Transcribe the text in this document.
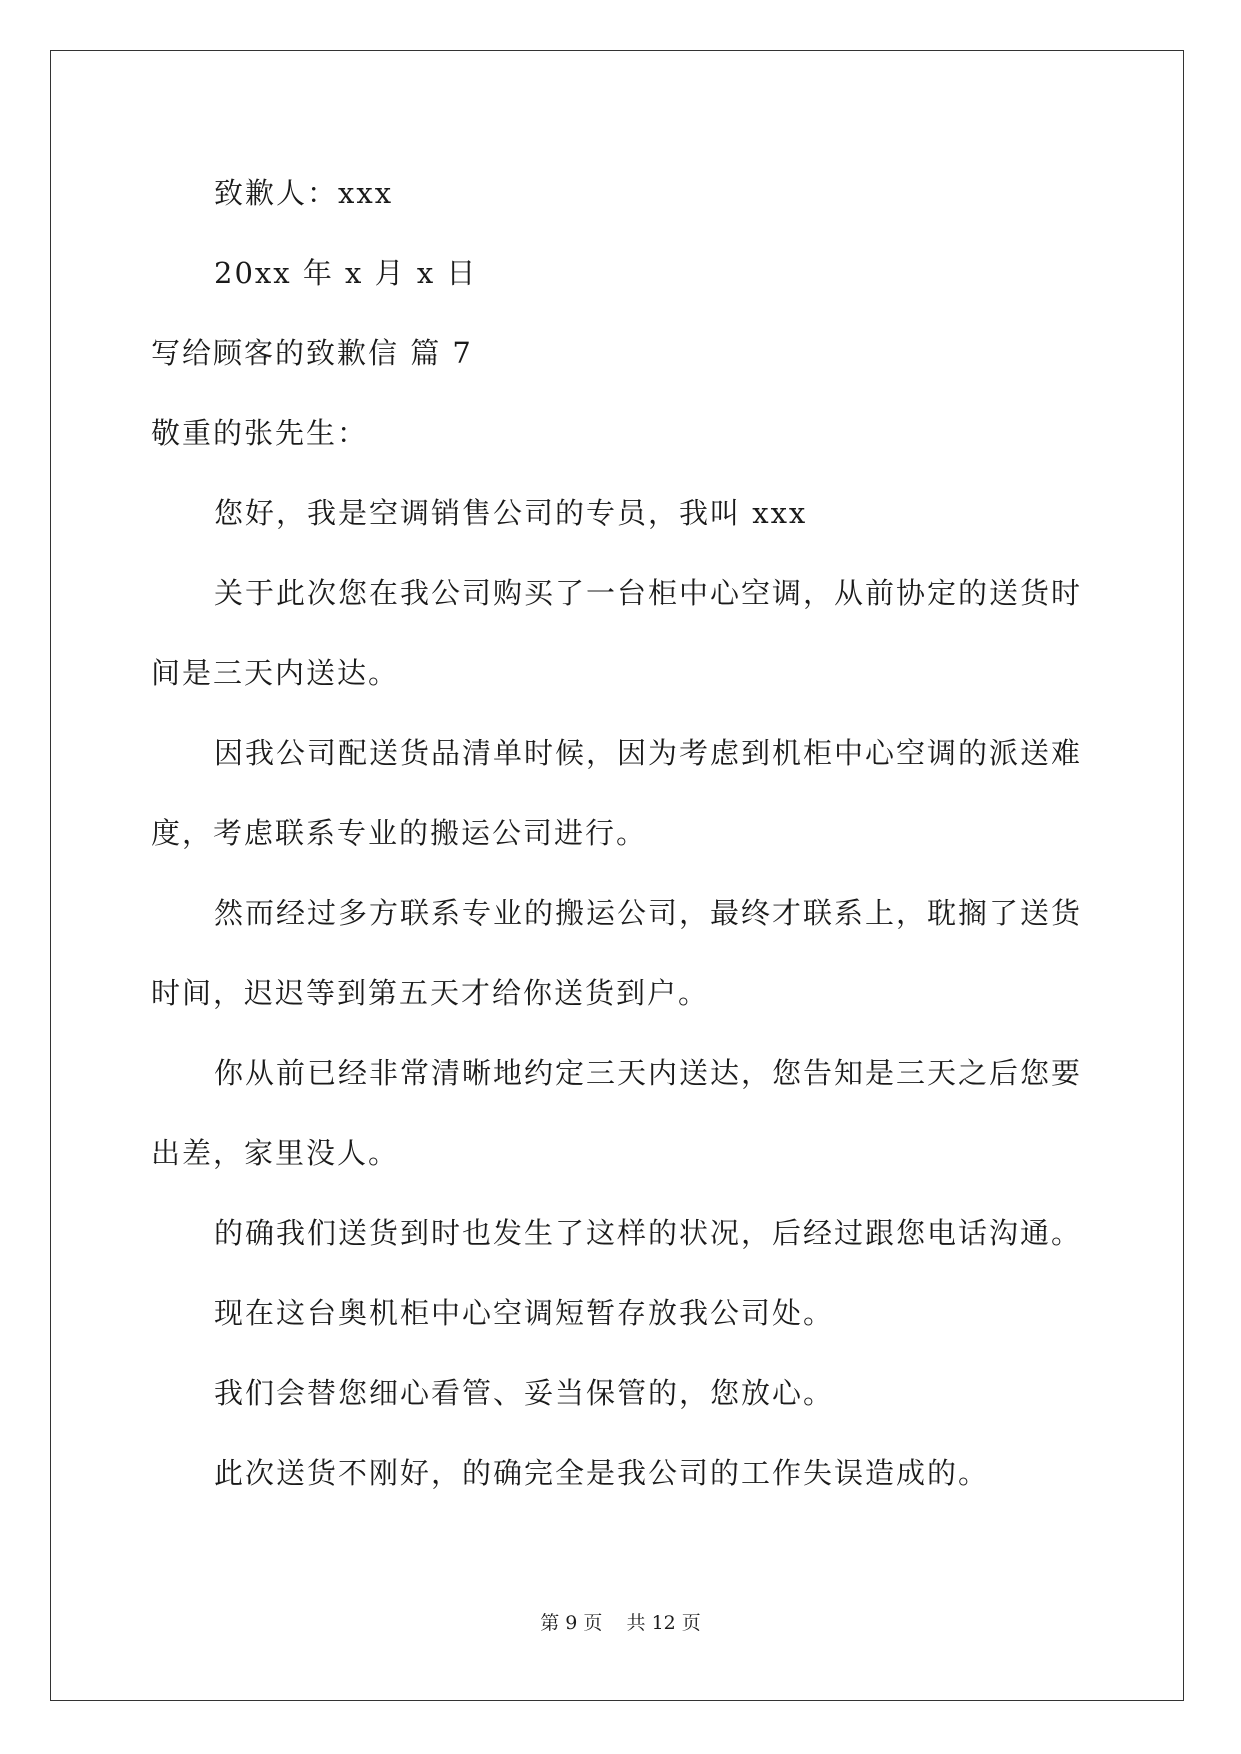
致歉人：xxx
20xx 年 x 月 x 日
写给顾客的致歉信 篇 7
敬重的张先生：
您好，我是空调销售公司的专员，我叫 xxx
关于此次您在我公司购买了一台柜中心空调，从前协定的送货时
间是三天内送达。
因我公司配送货品清单时候，因为考虑到机柜中心空调的派送难
度，考虑联系专业的搬运公司进行。
然而经过多方联系专业的搬运公司，最终才联系上，耽搁了送货
时间，迟迟等到第五天才给你送货到户。
你从前已经非常清晰地约定三天内送达，您告知是三天之后您要
出差，家里没人。
的确我们送货到时也发生了这样的状况，后经过跟您电话沟通。
现在这台奥机柜中心空调短暂存放我公司处。
我们会替您细心看管、妥当保管的，您放心。
此次送货不刚好，的确完全是我公司的工作失误造成的。
第 9 页    共 12 页
